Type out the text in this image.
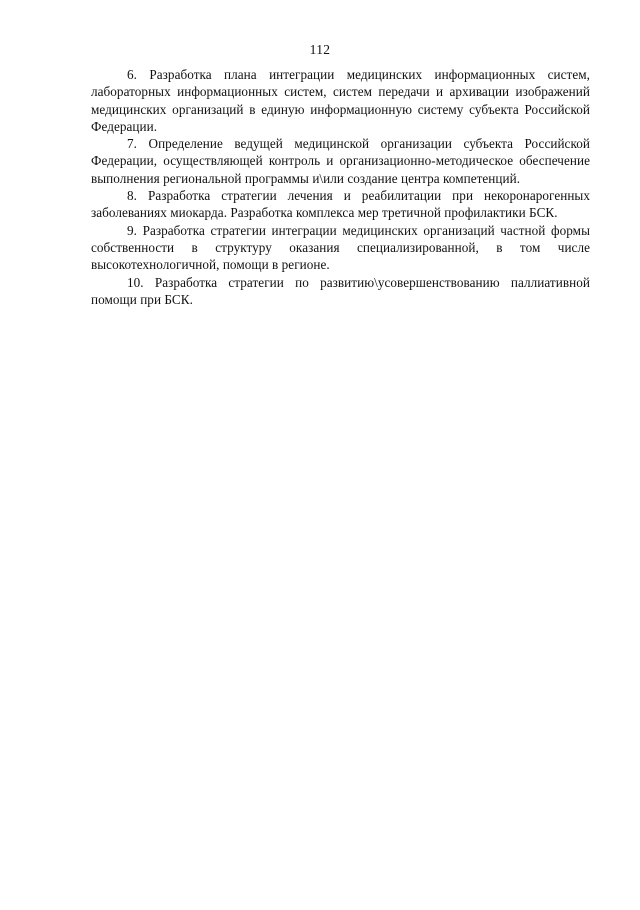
112

6. Разработка плана интеграции медицинских информационных систем, лабораторных информационных систем, систем передачи и архивации изображений медицинских организаций в единую информационную систему субъекта Российской Федерации.

7. Определение ведущей медицинской организации субъекта Российской Федерации, осуществляющей контроль и организационно-методическое обеспечение выполнения региональной программы и\или создание центра компетенций.

8. Разработка стратегии лечения и реабилитации при некоронарогенных заболеваниях миокарда. Разработка комплекса мер третичной профилактики БСК.

9. Разработка стратегии интеграции медицинских организаций частной формы собственности в структуру оказания специализированной, в том числе высокотехнологичной, помощи в регионе.

10. Разработка стратегии по развитию\усовершенствованию паллиативной помощи при БСК.
